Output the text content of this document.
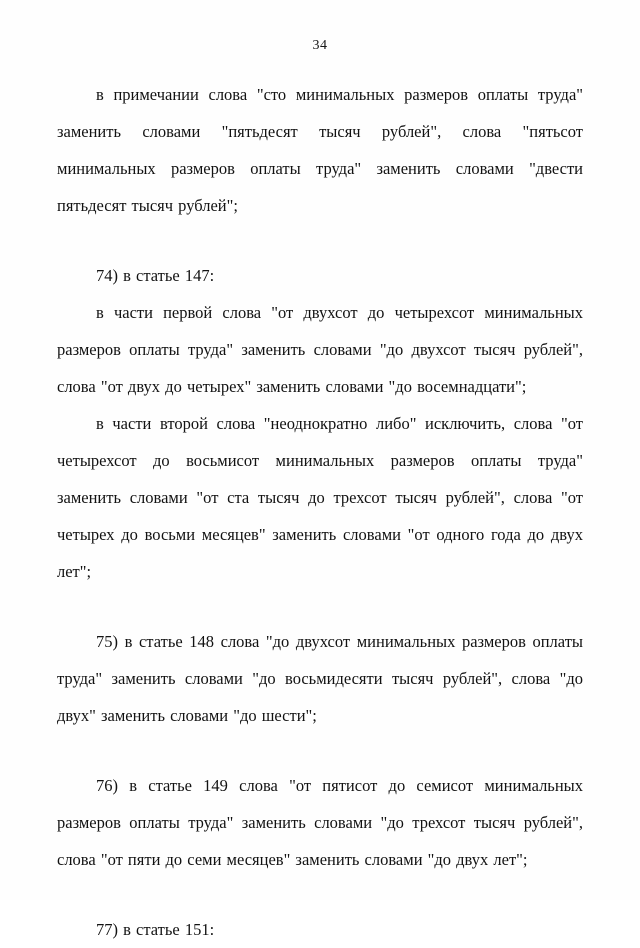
34

в примечании слова "сто минимальных размеров оплаты труда" заменить словами "пятьдесят тысяч рублей", слова "пятьсот минимальных размеров оплаты труда" заменить словами "двести пятьдесят тысяч рублей";

74) в статье 147:

в части первой слова "от двухсот до четырехсот минимальных размеров оплаты труда" заменить словами "до двухсот тысяч рублей", слова "от двух до четырех" заменить словами "до восемнадцати";

в части второй слова "неоднократно либо" исключить, слова "от четырехсот до восьмисот минимальных размеров оплаты труда" заменить словами "от ста тысяч до трехсот тысяч рублей", слова "от четырех до восьми месяцев" заменить словами "от одного года до двух лет";

75) в статье 148 слова "до двухсот минимальных размеров оплаты труда" заменить словами "до восьмидесяти тысяч рублей", слова "до двух" заменить словами "до шести";

76) в статье 149 слова "от пятисот до семисот минимальных размеров оплаты труда" заменить словами "до трехсот тысяч рублей", слова "от пяти до семи месяцев" заменить словами "до двух лет";

77) в статье 151:
